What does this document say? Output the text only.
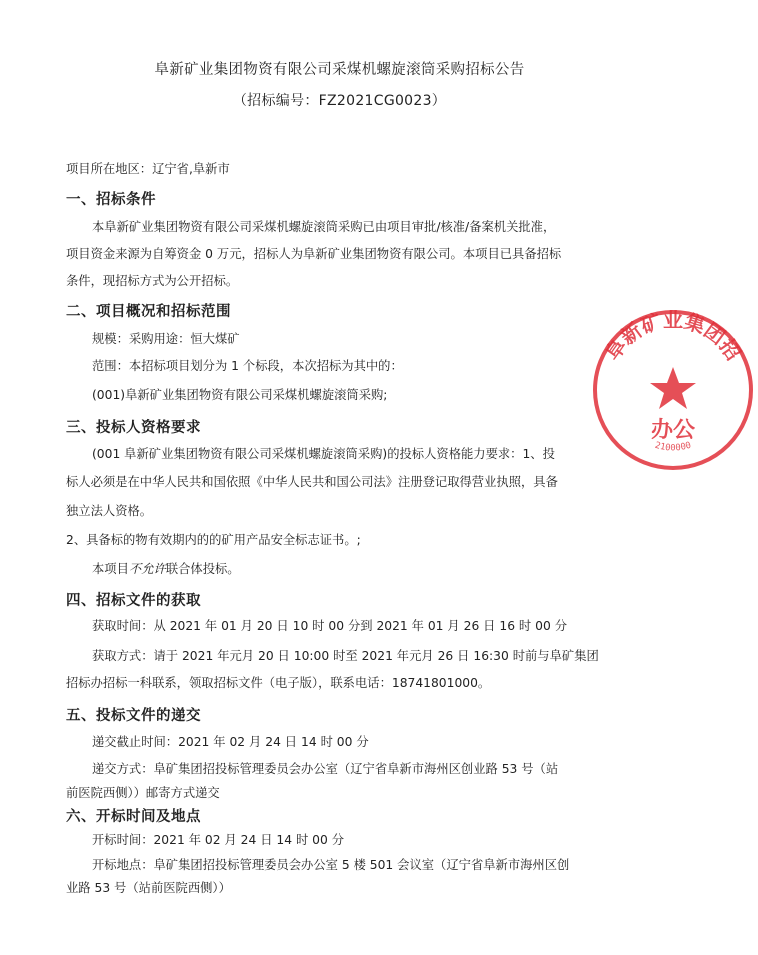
阜新矿业集团物资有限公司采煤机螺旋滚筒采购招标公告
（招标编号：FZ2021CG0023）
项目所在地区：辽宁省,阜新市
一、招标条件
本阜新矿业集团物资有限公司采煤机螺旋滚筒采购已由项目审批/核准/备案机关批准，
项目资金来源为自筹资金 0 万元，招标人为阜新矿业集团物资有限公司。本项目已具备招标
条件，现招标方式为公开招标。
二、项目概况和招标范围
规模：采购用途：恒大煤矿
范围：本招标项目划分为 1 个标段，本次招标为其中的：
(001)阜新矿业集团物资有限公司采煤机螺旋滚筒采购;
三、投标人资格要求
(001 阜新矿业集团物资有限公司采煤机螺旋滚筒采购)的投标人资格能力要求：1、投
标人必须是在中华人民共和国依照《中华人民共和国公司法》注册登记取得营业执照，具备
独立法人资格。
2、具备标的物有效期内的的矿用产品安全标志证书。;
本项目不允许联合体投标。
四、招标文件的获取
获取时间：从 2021 年 01 月 20 日 10 时 00 分到 2021 年 01 月 26 日 16 时 00 分
获取方式：请于 2021 年元月 20 日 10:00 时至 2021 年元月 26 日 16:30 时前与阜矿集团
招标办招标一科联系，领取招标文件（电子版），联系电话：18741801000。
五、投标文件的递交
递交截止时间：2021 年 02 月 24 日 14 时 00 分
递交方式：阜矿集团招投标管理委员会办公室（辽宁省阜新市海州区创业路 53 号（站
前医院西侧））邮寄方式递交
六、开标时间及地点
开标时间：2021 年 02 月 24 日 14 时 00 分
开标地点：阜矿集团招投标管理委员会办公室 5 楼 501 会议室（辽宁省阜新市海州区创
业路 53 号（站前医院西侧））
阜新矿业集团招
办公
2100000
